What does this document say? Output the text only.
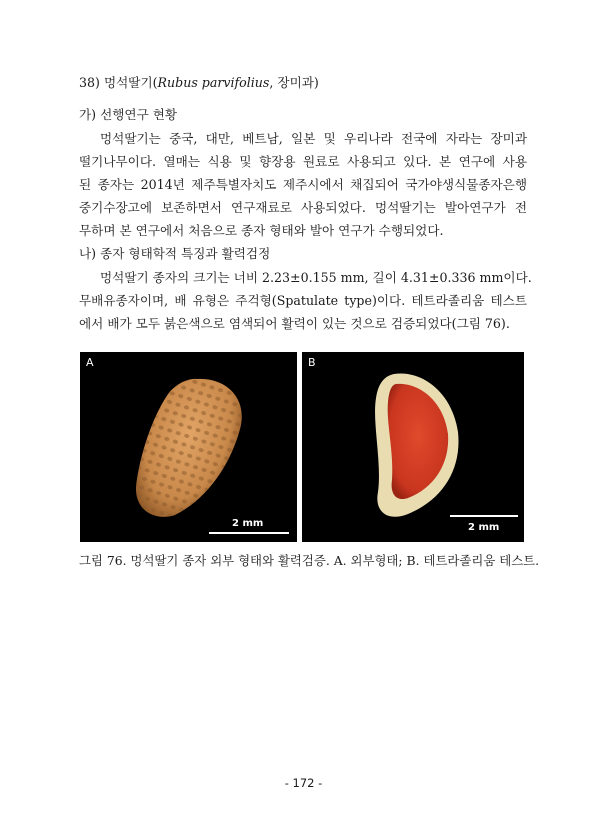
38) 멍석딸기(Rubus parvifolius, 장미과)
가) 선행연구 현황
멍석딸기는 중국, 대만, 베트남, 일본 및 우리나라 전국에 자라는 장미과
떨기나무이다. 열매는 식용 및 향장용 원료로 사용되고 있다. 본 연구에 사용
된 종자는 2014년 제주특별자치도 제주시에서 채집되어 국가야생식물종자은행
중기수장고에 보존하면서 연구재료로 사용되었다. 멍석딸기는 발아연구가 전
무하며 본 연구에서 처음으로 종자 형태와 발아 연구가 수행되었다.
나) 종자 형태학적 특징과 활력검정
멍석딸기 종자의 크기는 너비 2.23±0.155 mm, 길이 4.31±0.336 mm이다.
무배유종자이며, 배 유형은 주걱형(Spatulate type)이다. 테트라졸리움 테스트
에서 배가 모두 붉은색으로 염색되어 활력이 있는 것으로 검증되었다(그림 76).
A
2 mm
B
2 mm
그림 76. 멍석딸기 종자 외부 형태와 활력검증. A. 외부형태; B. 테트라졸리움 테스트.
- 172 -
